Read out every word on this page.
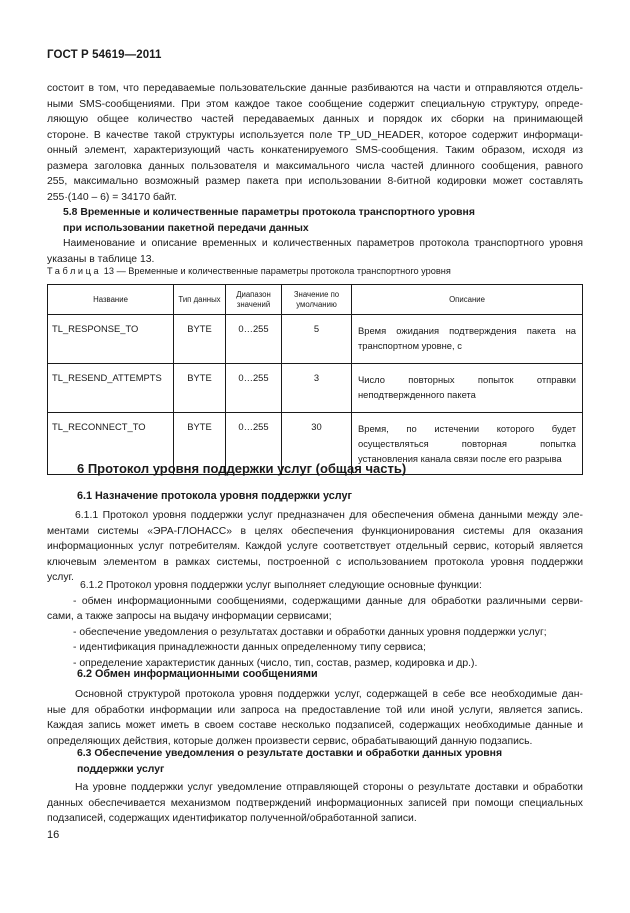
ГОСТ Р 54619—2011
состоит в том, что передаваемые пользовательские данные разбиваются на части и отправляются отдель-
ными SMS-сообщениями. При этом каждое такое сообщение содержит специальную структуру, опреде-
ляющую общее количество частей передаваемых данных и порядок их сборки на принимающей
стороне. В качестве такой структуры используется поле TP_UD_HEADER, которое содержит информаци-
онный элемент, характеризующий часть конкатенируемого SMS-сообщения. Таким образом, исходя из
размера заголовка данных пользователя и максимального числа частей длинного сообщения, равного
255, максимально возможный размер пакета при использовании 8-битной кодировки может составлять
255·(140 – 6) = 34170 байт.
5.8 Временные и количественные параметры протокола транспортного уровня
при использовании пакетной передачи данных
Наименование и описание временных и количественных параметров протокола транспортного уровня
указаны в таблице 13.
Таблица 13 — Временные и количественные параметры протокола транспортного уровня
Название	Тип данных	Диапазон значений	Значение по умолчанию	Описание
TL_RESPONSE_TO	BYTE	0…255	5	Время ожидания подтверждения пакета на транспортном уровне, с
TL_RESEND_ATTEMPTS	BYTE	0…255	3	Число повторных попыток отправки неподтвержденного пакета
TL_RECONNECT_TO	BYTE	0…255	30	Время, по истечении которого будет осуществляться повторная попытка установления канала связи после его разрыва
6 Протокол уровня поддержки услуг (общая часть)
6.1 Назначение протокола уровня поддержки услуг
6.1.1 Протокол уровня поддержки услуг предназначен для обеспечения обмена данными между эле-
ментами системы «ЭРА-ГЛОНАСС» в целях обеспечения функционирования системы для оказания
информационных услуг потребителям. Каждой услуге соответствует отдельный сервис, который является
ключевым элементом в рамках системы, построенной с использованием протокола уровня поддержки
услуг.
6.1.2 Протокол уровня поддержки услуг выполняет следующие основные функции:
- обмен информационными сообщениями, содержащими данные для обработки различными серви-
сами, а также запросы на выдачу информации сервисами;
- обеспечение уведомления о результатах доставки и обработки данных уровня поддержки услуг;
- идентификация принадлежности данных определенному типу сервиса;
- определение характеристик данных (число, тип, состав, размер, кодировка и др.).
6.2 Обмен информационными сообщениями
Основной структурой протокола уровня поддержки услуг, содержащей в себе все необходимые дан-
ные для обработки информации или запроса на предоставление той или иной услуги, является запись.
Каждая запись может иметь в своем составе несколько подзаписей, содержащих необходимые данные и
определяющих действия, которые должен произвести сервис, обрабатывающий данную подзапись.
6.3 Обеспечение уведомления о результате доставки и обработки данных уровня
поддержки услуг
На уровне поддержки услуг уведомление отправляющей стороны о результате доставки и обработки
данных обеспечивается механизмом подтверждений информационных записей при помощи специальных
подзаписей, содержащих идентификатор полученной/обработанной записи.
16
